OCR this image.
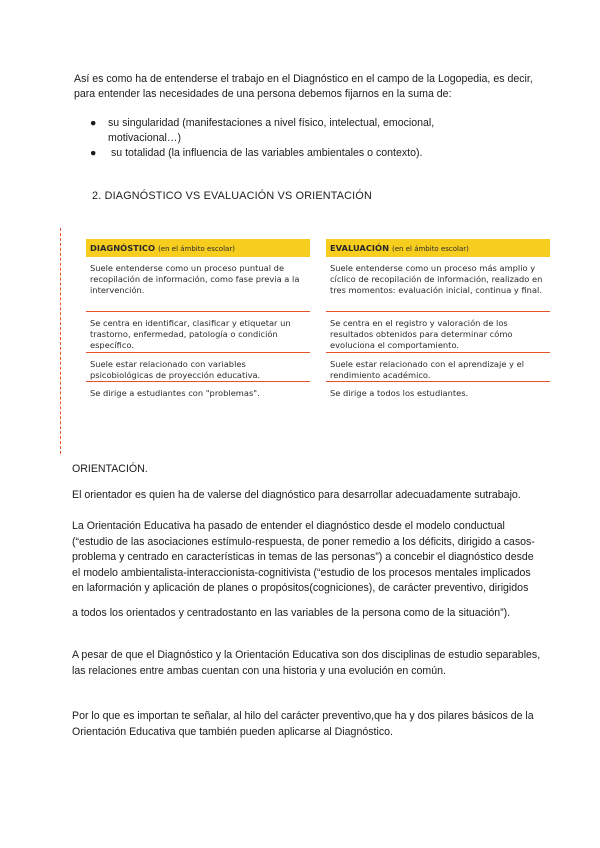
Así es como ha de entenderse el trabajo en el Diagnóstico en el campo de la Logopedia, es decir, para entender las necesidades de una persona debemos fijarnos en la suma de:
●	su singularidad (manifestaciones a nivel físico, intelectual, emocional, motivacional…)
●	su totalidad (la influencia de las variables ambientales o contexto).
2. DIAGNÓSTICO VS EVALUACIÓN VS ORIENTACIÓN
DIAGNÓSTICO (en el ámbito escolar)
Suele entenderse como un proceso puntual de recopilación de información, como fase previa a la intervención.
Se centra en identificar, clasificar y etiquetar un trastorno, enfermedad, patología o condición específico.
Suele estar relacionado con variables psicobiológicas de proyección educativa.
Se dirige a estudiantes con "problemas".
EVALUACIÓN (en el ámbito escolar)
Suele entenderse como un proceso más amplio y cíclico de recopilación de información, realizado en tres momentos: evaluación inicial, continua y final.
Se centra en el registro y valoración de los resultados obtenidos para determinar cómo evoluciona el comportamiento.
Suele estar relacionado con el aprendizaje y el rendimiento académico.
Se dirige a todos los estudiantes.
ORIENTACIÓN.
El orientador es quien ha de valerse del diagnóstico para desarrollar adecuadamente sutrabajo.
La Orientación Educativa ha pasado de entender el diagnóstico desde el modelo conductual (“estudio de las asociaciones estímulo-respuesta, de poner remedio a los déficits, dirigido a casos-problema y centrado en características in temas de las personas”) a concebir el diagnóstico desde el modelo ambientalista-interaccionista-cognitivista (“estudio de los procesos mentales implicados en laformación y aplicación de planes o propósitos(cogniciones), de carácter preventivo, dirigidos
a todos los orientados y centradostanto en las variables de la persona como de la situación”).
A pesar de que el Diagnóstico y la Orientación Educativa son dos disciplinas de estudio separables, las relaciones entre ambas cuentan con una historia y una evolución en común.
Por lo que es importan te señalar, al hilo del carácter preventivo,que ha y dos pilares básicos de la Orientación Educativa que también pueden aplicarse al Diagnóstico.
